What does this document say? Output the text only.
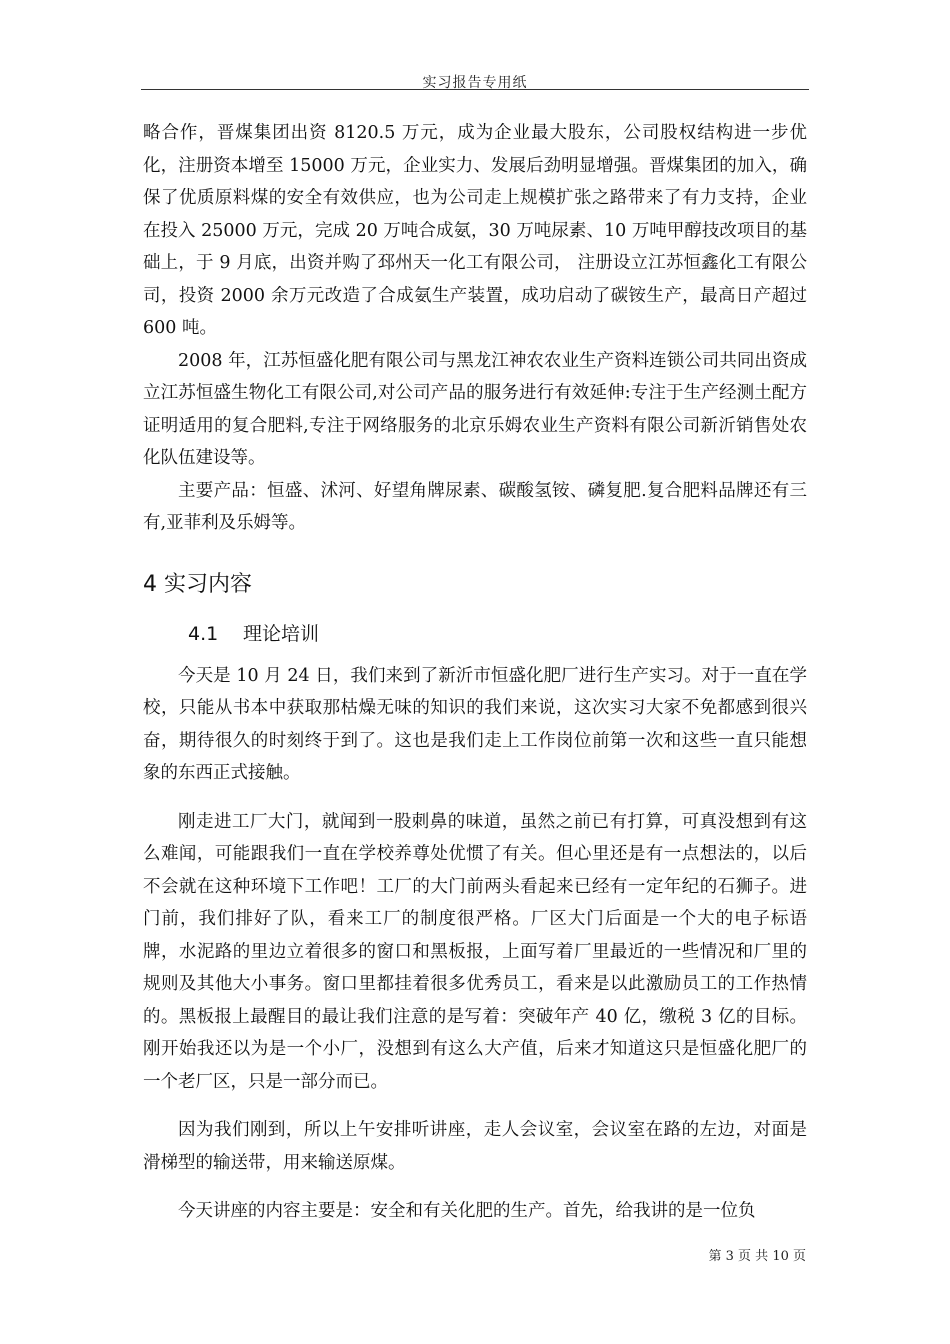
实习报告专用纸

略合作，晋煤集团出资 8120.5 万元，成为企业最大股东，公司股权结构进一步优化，注册资本增至 15000 万元，企业实力、发展后劲明显增强。晋煤集团的加入，确保了优质原料煤的安全有效供应，也为公司走上规模扩张之路带来了有力支持，企业在投入 25000 万元，完成 20 万吨合成氨，30 万吨尿素、10 万吨甲醇技改项目的基础上，于 9 月底，出资并购了邳州天一化工有限公司， 注册设立江苏恒鑫化工有限公司，投资 2000 余万元改造了合成氨生产装置，成功启动了碳铵生产，最高日产超过 600 吨。

2008 年，江苏恒盛化肥有限公司与黑龙江神农农业生产资料连锁公司共同出资成立江苏恒盛生物化工有限公司,对公司产品的服务进行有效延伸:专注于生产经测土配方证明适用的复合肥料,专注于网络服务的北京乐姆农业生产资料有限公司新沂销售处农化队伍建设等。

主要产品：恒盛、沭河、好望角牌尿素、碳酸氢铵、磷复肥.复合肥料品牌还有三有,亚菲利及乐姆等。

4 实习内容
4.1 理论培训

今天是 10 月 24 日，我们来到了新沂市恒盛化肥厂进行生产实习。对于一直在学校，只能从书本中获取那枯燥无味的知识的我们来说，这次实习大家不免都感到很兴奋，期待很久的时刻终于到了。这也是我们走上工作岗位前第一次和这些一直只能想象的东西正式接触。

刚走进工厂大门，就闻到一股刺鼻的味道，虽然之前已有打算，可真没想到有这么难闻，可能跟我们一直在学校养尊处优惯了有关。但心里还是有一点想法的，以后不会就在这种环境下工作吧！工厂的大门前两头看起来已经有一定年纪的石狮子。进门前，我们排好了队，看来工厂的制度很严格。厂区大门后面是一个大的电子标语牌，水泥路的里边立着很多的窗口和黑板报，上面写着厂里最近的一些情况和厂里的规则及其他大小事务。窗口里都挂着很多优秀员工，看来是以此激励员工的工作热情的。黑板报上最醒目的最让我们注意的是写着：突破年产 40 亿，缴税 3 亿的目标。刚开始我还以为是一个小厂，没想到有这么大产值，后来才知道这只是恒盛化肥厂的一个老厂区，只是一部分而已。

因为我们刚到，所以上午安排听讲座，走人会议室，会议室在路的左边，对面是滑梯型的输送带，用来输送原煤。

今天讲座的内容主要是：安全和有关化肥的生产。首先，给我讲的是一位负

第 3 页 共 10 页
